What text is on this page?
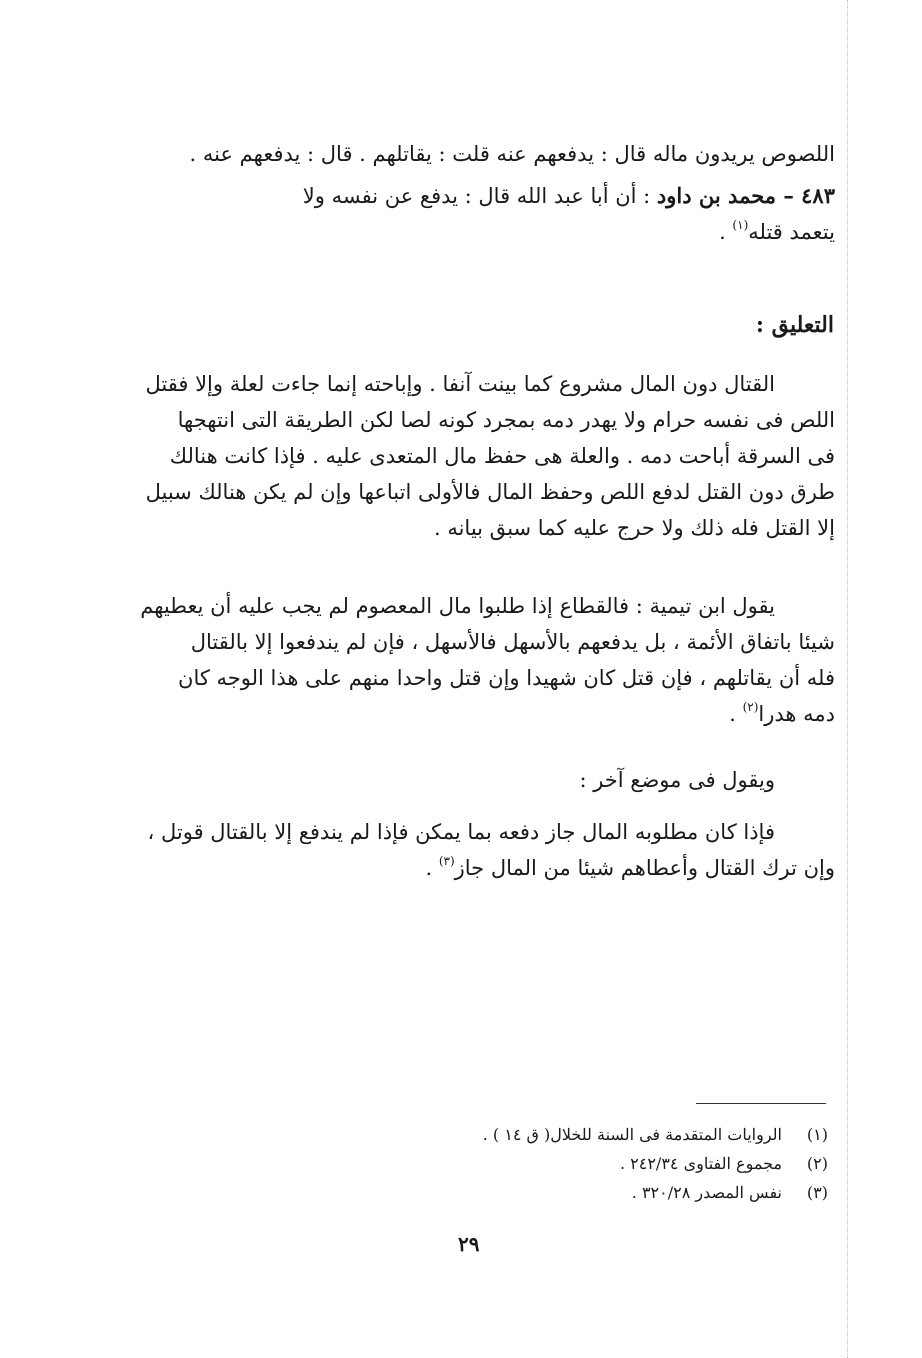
اللصوص يريدون ماله قال : يدفعهم عنه قلت : يقاتلهم . قال : يدفعهم عنه .
٤٨٣ – محمد بن داود : أن أبا عبد الله قال : يدفع عن نفسه ولا
يتعمد قتله$^{(١)}$ .
التعليق :
القتال دون المال مشروع كما بينت آنفا . وإباحته إنما جاءت لعلة وإلا فقتل
اللص فى نفسه حرام ولا يهدر دمه بمجرد كونه لصا لكن الطريقة التى انتهجها
فى السرقة أباحت دمه . والعلة هى حفظ مال المتعدى عليه . فإذا كانت هنالك
طرق دون القتل لدفع اللص وحفظ المال فالأولى اتباعها وإن لم يكن هنالك سبيل
إلا القتل فله ذلك ولا حرج عليه كما سبق بيانه .
يقول ابن تيمية : فالقطاع إذا طلبوا مال المعصوم لم يجب عليه أن يعطيهم
شيئا باتفاق الأئمة ، بل يدفعهم بالأسهل فالأسهل ، فإن لم يندفعوا إلا بالقتال
فله أن يقاتلهم ، فإن قتل كان شهيدا وإن قتل واحدا منهم على هذا الوجه كان
دمه هدرا$^{(٢)}$ .
ويقول فى موضع آخر :
فإذا كان مطلوبه المال جاز دفعه بما يمكن فإذا لم يندفع إلا بالقتال قوتل ،
وإن ترك القتال وأعطاهم شيئا من المال جاز$^{(٣)}$ .
(١)الروايات المتقدمة فى السنة للخلال( ق ١٤ ) .
(٢)مجموع الفتاوى ٢٤٢/٣٤ .
(٣)نفس المصدر ٣٢٠/٢٨ .
٢٩
